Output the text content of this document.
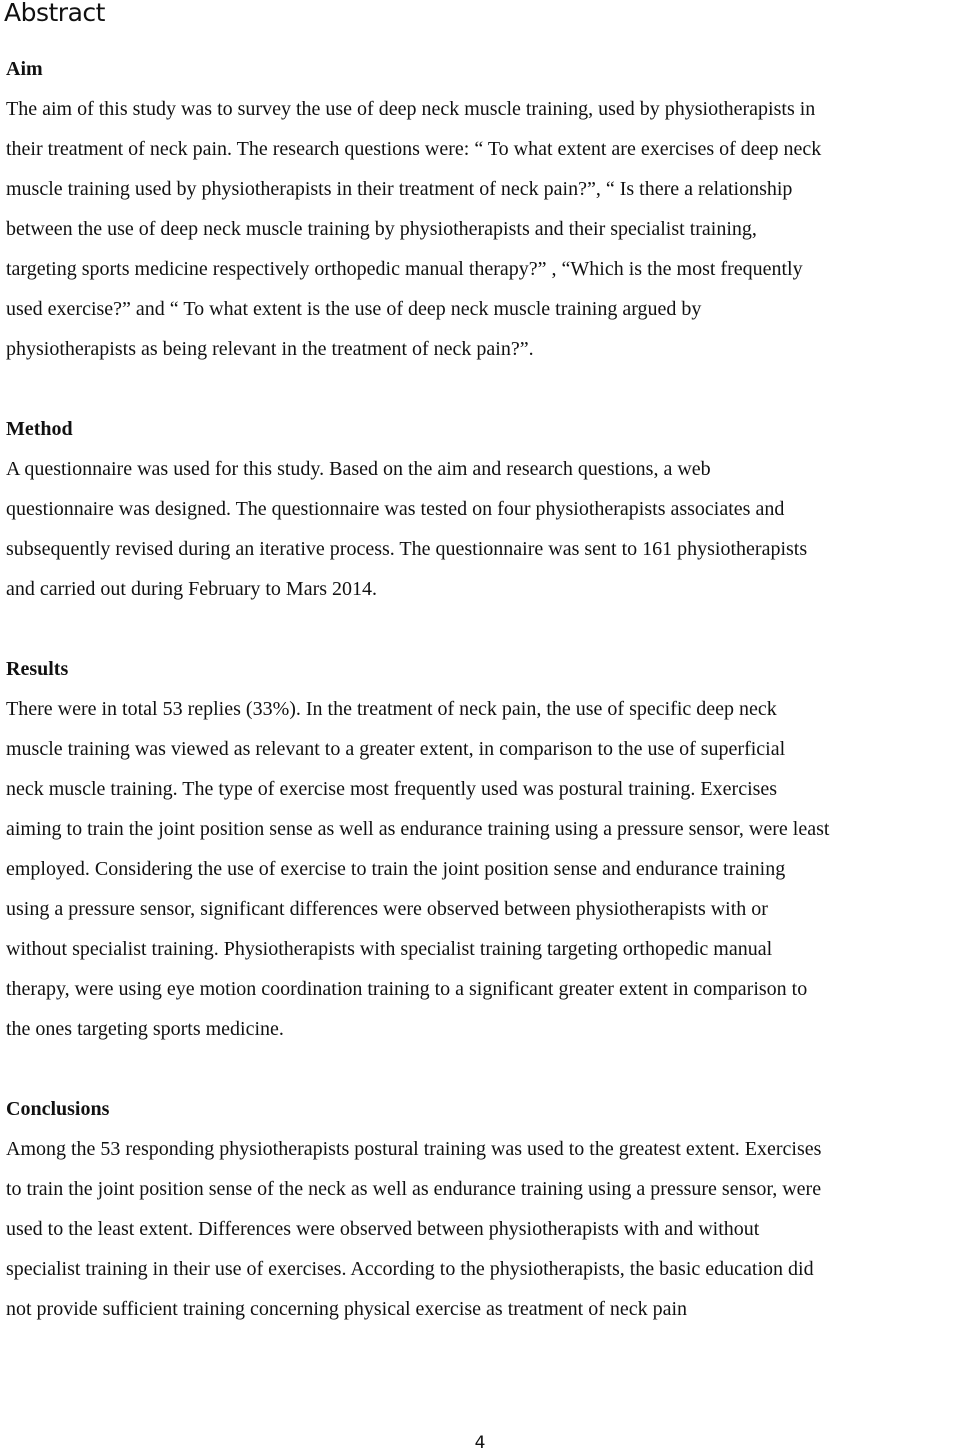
Abstract
Aim

The aim of this study was to survey the use of deep neck muscle training, used by physiotherapists in
their treatment of neck pain. The research questions were: “ To what extent are exercises of deep neck
muscle training used by physiotherapists in their treatment of neck pain?”, “ Is there a relationship
between the use of deep neck muscle training by physiotherapists and their specialist training,
targeting sports medicine respectively orthopedic manual therapy?” , “Which is the most frequently
used exercise?” and “ To what extent is the use of deep neck muscle training argued by
physiotherapists as being relevant in the treatment of neck pain?”.

Method

A questionnaire was used for this study. Based on the aim and research questions, a web
questionnaire was designed. The questionnaire was tested on four physiotherapists associates and
subsequently revised during an iterative process. The questionnaire was sent to 161 physiotherapists
and carried out during February to Mars 2014.

Results

There were in total 53 replies (33%). In the treatment of neck pain, the use of specific deep neck
muscle training was viewed as relevant to a greater extent, in comparison to the use of superficial
neck muscle training. The type of exercise most frequently used was postural training. Exercises
aiming to train the joint position sense as well as endurance training using a pressure sensor, were least
employed. Considering the use of exercise to train the joint position sense and endurance training
using a pressure sensor, significant differences were observed between physiotherapists with or
without specialist training. Physiotherapists with specialist training targeting orthopedic manual
therapy, were using eye motion coordination training to a significant greater extent in comparison to
the ones targeting sports medicine.

Conclusions

Among the 53 responding physiotherapists postural training was used to the greatest extent. Exercises
to train the joint position sense of the neck as well as endurance training using a pressure sensor, were
used to the least extent. Differences were observed between physiotherapists with and without
specialist training in their use of exercises. According to the physiotherapists, the basic education did
not provide sufficient training concerning physical exercise as treatment of neck pain

4
